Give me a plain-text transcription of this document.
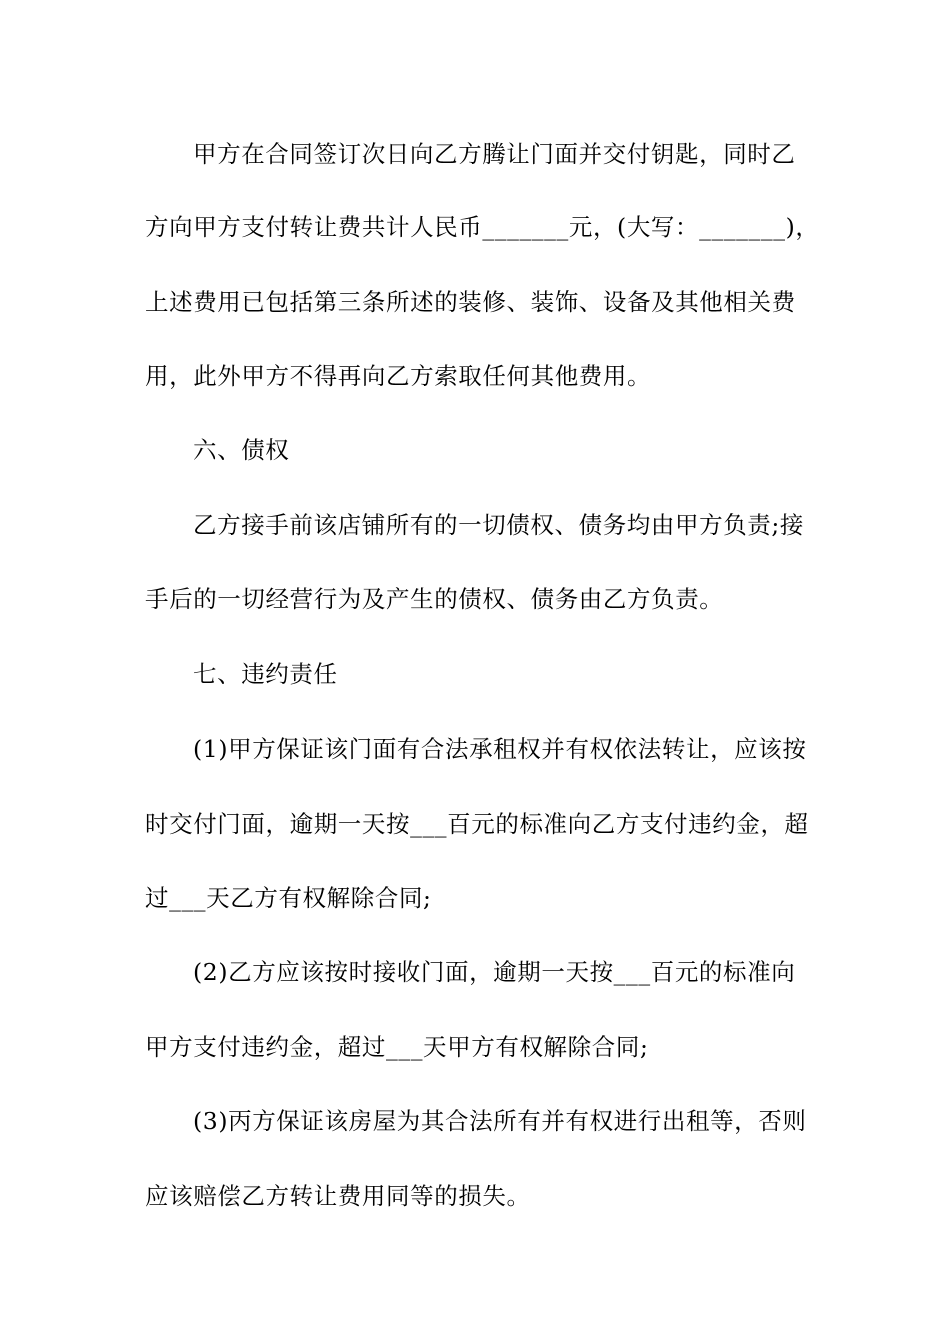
甲方在合同签订次日向乙方腾让门面并交付钥匙，同时乙
方向甲方支付转让费共计人民币_______元，(大写：_______)，
上述费用已包括第三条所述的装修、装饰、设备及其他相关费
用，此外甲方不得再向乙方索取任何其他费用。
六、债权
乙方接手前该店铺所有的一切债权、债务均由甲方负责;接
手后的一切经营行为及产生的债权、债务由乙方负责。
七、违约责任
(1)甲方保证该门面有合法承租权并有权依法转让，应该按
时交付门面，逾期一天按___百元的标准向乙方支付违约金，超
过___天乙方有权解除合同;
(2)乙方应该按时接收门面，逾期一天按___百元的标准向
甲方支付违约金，超过___天甲方有权解除合同;
(3)丙方保证该房屋为其合法所有并有权进行出租等，否则
应该赔偿乙方转让费用同等的损失。
